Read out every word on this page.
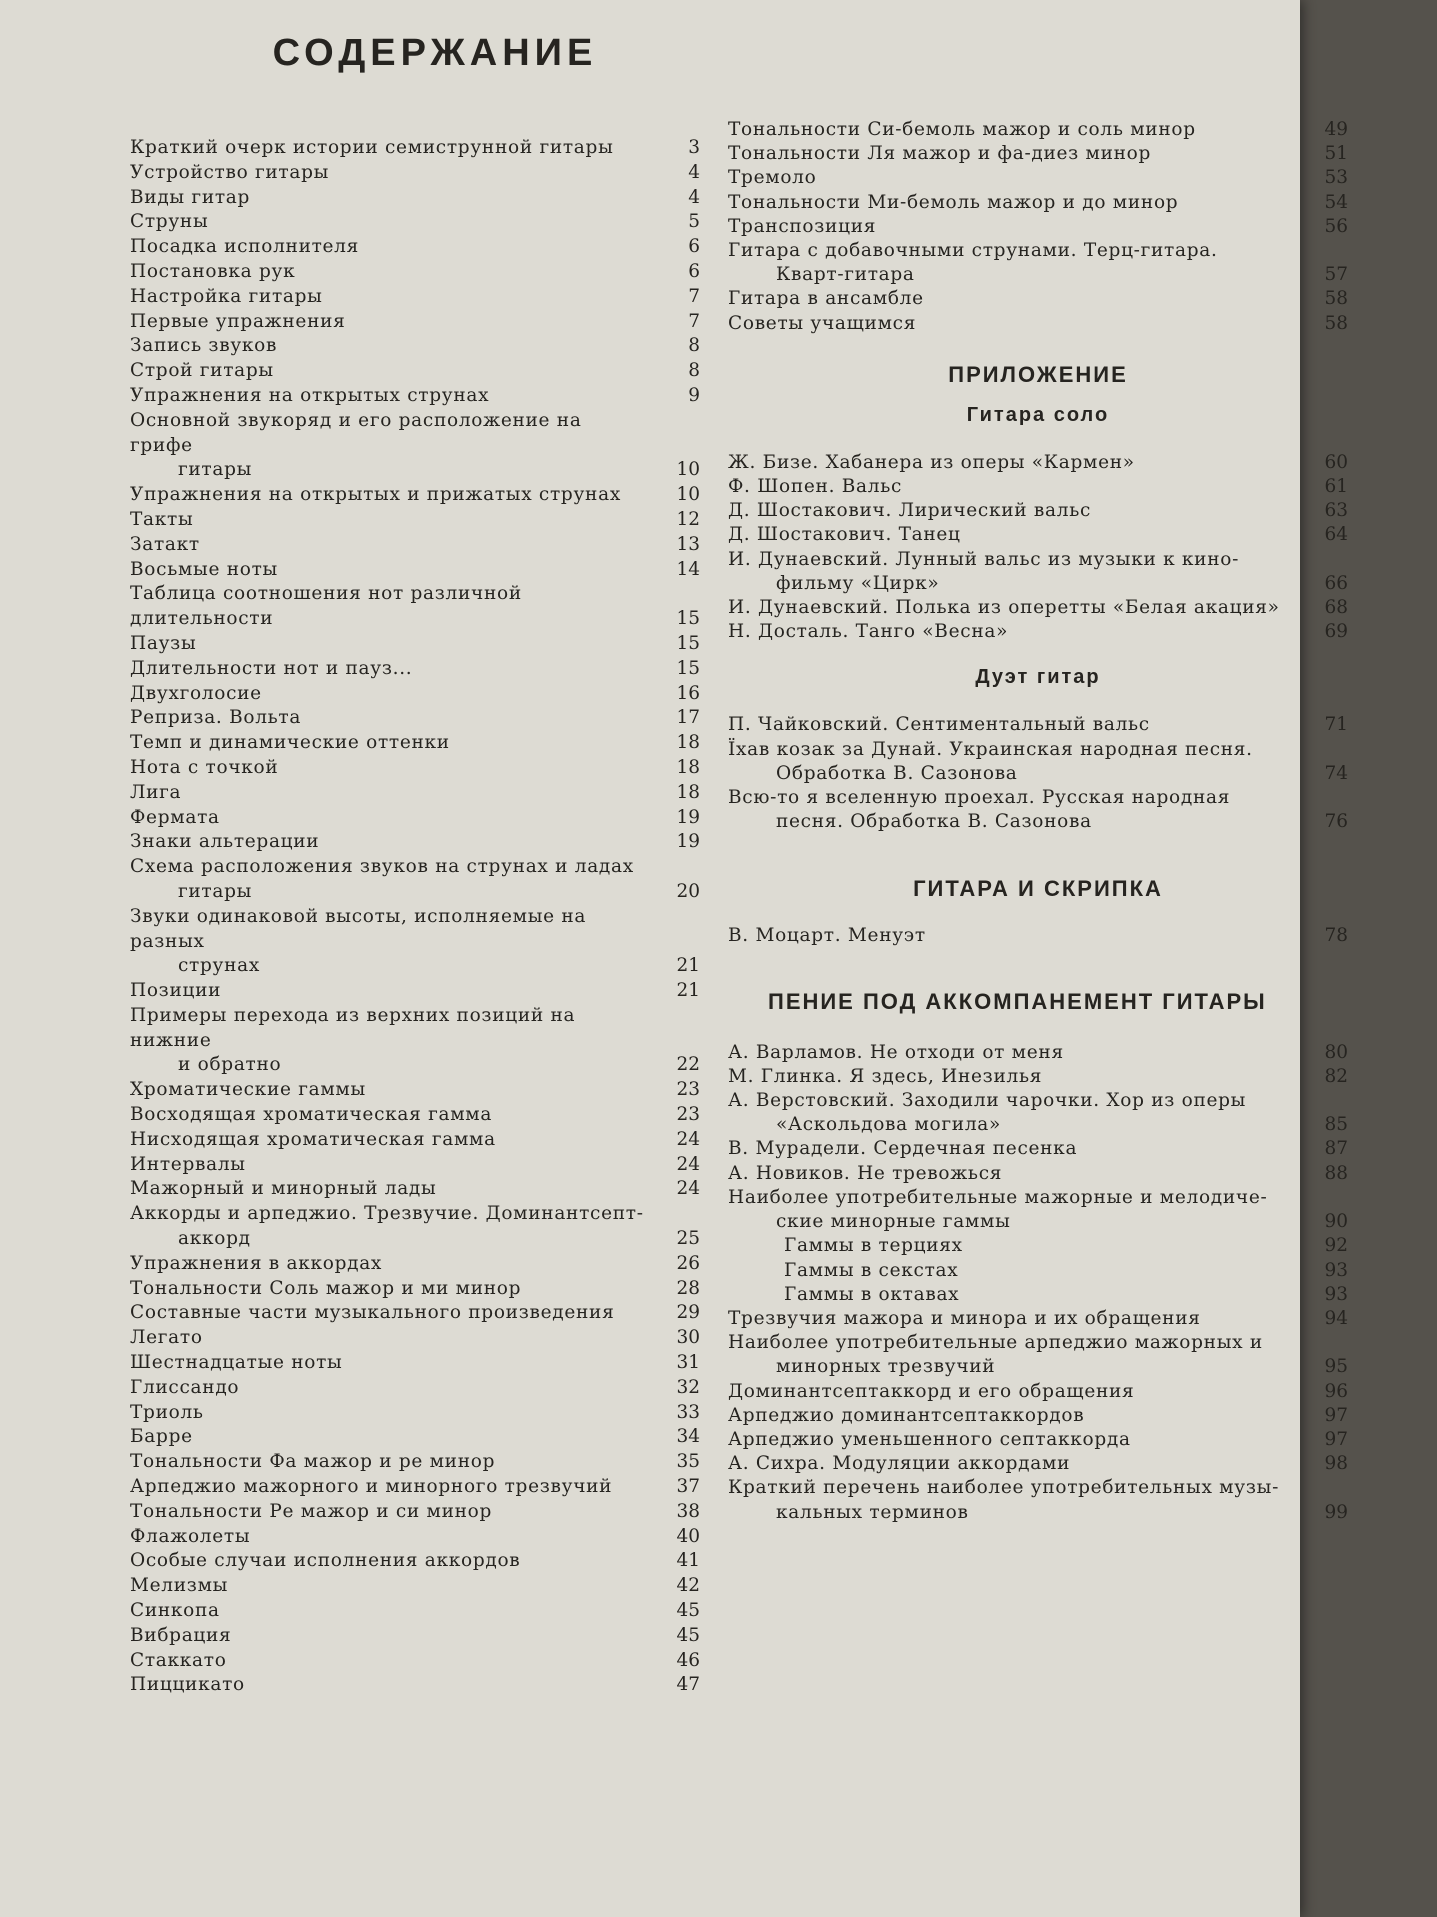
СОДЕРЖАНИЕ
Краткий очерк истории семиструнной гитары	3
Устройство гитары	4
Виды гитар	4
Струны	5
Посадка исполнителя	6
Постановка рук	6
Настройка гитары	7
Первые упражнения	7
Запись звуков	8
Строй гитары	8
Упражнения на открытых струнах	9
Основной звукоряд и его расположение на грифе
гитары	10
Упражнения на открытых и прижатых струнах	10
Такты	12
Затакт	13
Восьмые ноты	14
Таблица соотношения нот различной длительности	15
Паузы	15
Длительности нот и пауз...	15
Двухголосие	16
Реприза. Вольта	17
Темп и динамические оттенки	18
Нота с точкой	18
Лига	18
Фермата	19
Знаки альтерации	19
Схема расположения звуков на струнах и ладах
гитары	20
Звуки одинаковой высоты, исполняемые на разных
струнах	21
Позиции	21
Примеры перехода из верхних позиций на нижние
и обратно	22
Хроматические гаммы	23
Восходящая хроматическая гамма	23
Нисходящая хроматическая гамма	24
Интервалы	24
Мажорный и минорный лады	24
Аккорды и арпеджио. Трезвучие. Доминантсепт-
аккорд	25
Упражнения в аккордах	26
Тональности Соль мажор и ми минор	28
Составные части музыкального произведения	29
Легато	30
Шестнадцатые ноты	31
Глиссандо	32
Триоль	33
Барре	34
Тональности Фа мажор и ре минор	35
Арпеджио мажорного и минорного трезвучий	37
Тональности Ре мажор и си минор	38
Флажолеты	40
Особые случаи исполнения аккордов	41
Мелизмы	42
Синкопа	45
Вибрация	45
Стаккато	46
Пиццикато	47
Тональности Си-бемоль мажор и соль минор	49
Тональности Ля мажор и фа-диез минор	51
Тремоло	53
Тональности Ми-бемоль мажор и до минор	54
Транспозиция	56
Гитара с добавочными струнами. Терц-гитара.
Кварт-гитара	57
Гитара в ансамбле	58
Советы учащимся	58
ПРИЛОЖЕНИЕ
Гитара соло
Ж. Бизе. Хабанера из оперы «Кармен»	60
Ф. Шопен. Вальс	61
Д. Шостакович. Лирический вальс	63
Д. Шостакович. Танец	64
И. Дунаевский. Лунный вальс из музыки к кино-
фильму «Цирк»	66
И. Дунаевский. Полька из оперетты «Белая акация»	68
Н. Досталь. Танго «Весна»	69
Дуэт гитар
П. Чайковский. Сентиментальный вальс	71
Їхав козак за Дунай. Украинская народная песня.
Обработка В. Сазонова	74
Всю-то я вселенную проехал. Русская народная
песня. Обработка В. Сазонова	76
ГИТАРА И СКРИПКА
В. Моцарт. Менуэт	78
ПЕНИЕ ПОД АККОМПАНЕМЕНТ ГИТАРЫ
А. Варламов. Не отходи от меня	80
М. Глинка. Я здесь, Инезилья	82
А. Верстовский. Заходили чарочки. Хор из оперы
«Аскольдова могила»	85
В. Мурадели. Сердечная песенка	87
А. Новиков. Не тревожься	88
Наиболее употребительные мажорные и мелодиче-
ские минорные гаммы	90
Гаммы в терциях	92
Гаммы в секстах	93
Гаммы в октавах	93
Трезвучия мажора и минора и их обращения	94
Наиболее употребительные арпеджио мажорных и
минорных трезвучий	95
Доминантсептаккорд и его обращения	96
Арпеджио доминантсептаккордов	97
Арпеджио уменьшенного септаккорда	97
А. Сихра. Модуляции аккордами	98
Краткий перечень наиболее употребительных музы-
кальных терминов	99
